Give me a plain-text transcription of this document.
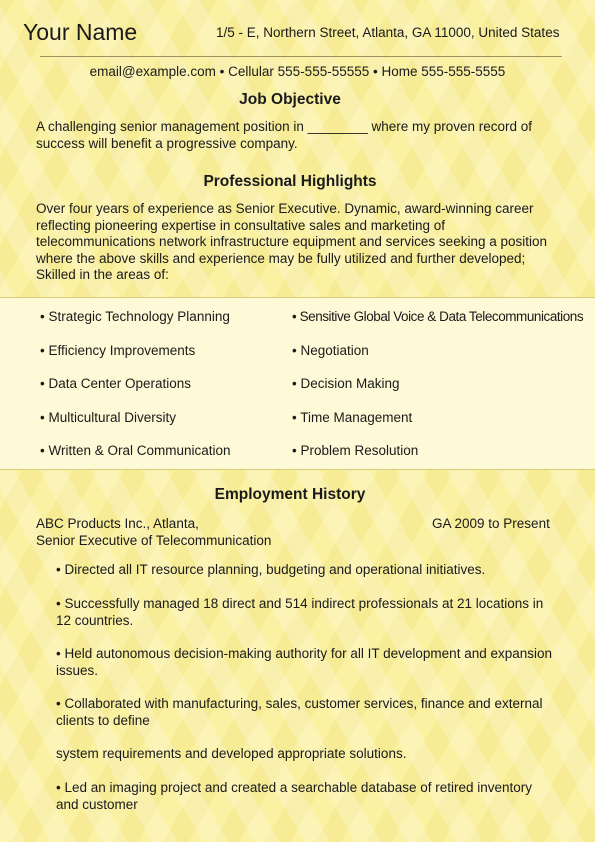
Your Name	1/5 - E, Northern Street, Atlanta, GA 11000, United States
email@example.com • Cellular 555-555-55555 • Home 555-555-5555
Job Objective

A challenging senior management position in ________ where my proven record of success will benefit a progressive company.

Professional Highlights

Over four years of experience as Senior Executive. Dynamic, award-winning career reflecting pioneering expertise in consultative sales and marketing of telecommunications network infrastructure equipment and services seeking a position where the above skills and experience may be fully utilized and further developed; Skilled in the areas of:

• Strategic Technology Planning
• Efficiency Improvements
• Data Center Operations
• Multicultural Diversity
• Written & Oral Communication
• Sensitive Global Voice & Data Telecommunications
• Negotiation
• Decision Making
• Time Management
• Problem Resolution
Employment History
ABC Products Inc., Atlanta,
Senior Executive of Telecommunication
GA 2009 to Present

• Directed all IT resource planning, budgeting and operational initiatives.

• Successfully managed 18 direct and 514 indirect professionals at 21 locations in 12 countries.

• Held autonomous decision-making authority for all IT development and expansion issues.

• Collaborated with manufacturing, sales, customer services, finance and external clients to define

system requirements and developed appropriate solutions.

• Led an imaging project and created a searchable database of retired inventory and customer
